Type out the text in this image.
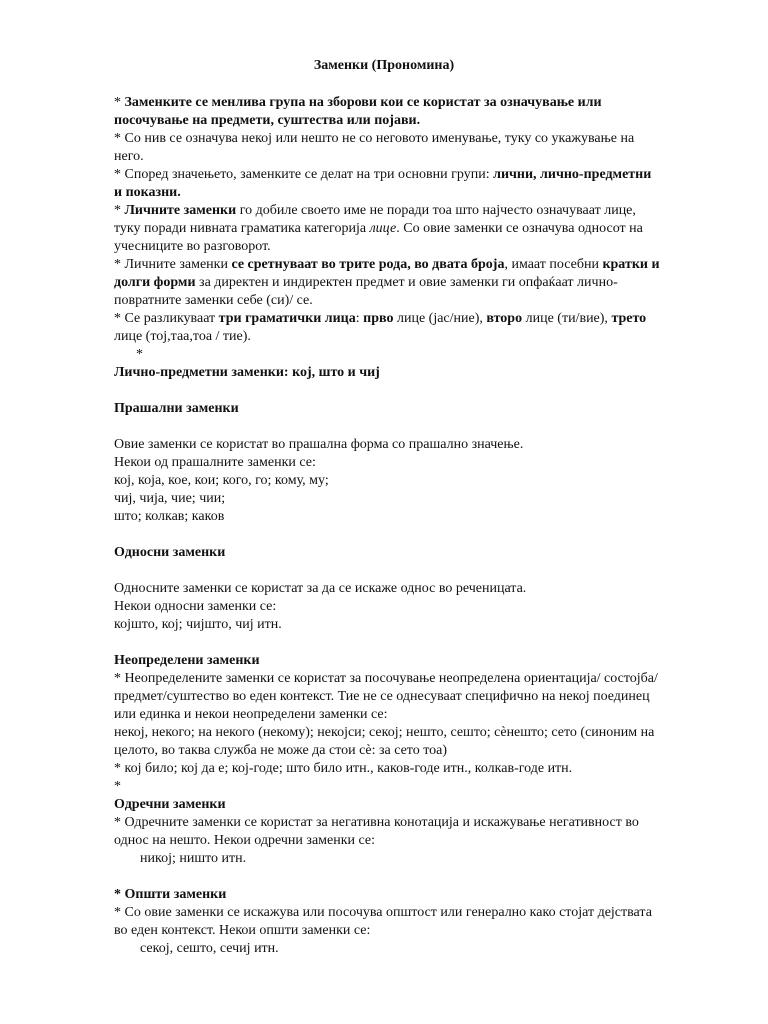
Заменки (Прономина)

* Заменките се менлива група на зборови кои се користат за означување или посочување на предмети, суштества или појави.

* Со нив се означува некој или нешто не со неговото именување, туку со укажување на него.

* Според значењето, заменките се делат на три основни групи: лични, лично-предметни и показни.

* Личните заменки го добиле своето име не поради тоа што најчесто означуваат лице, туку поради нивната граматика категорија лице. Со овие заменки се означува односот на учесниците во разговорот.

* Личните заменки се сретнуваат во трите рода, во двата броја, имаат посебни кратки и долги форми за директен и индиректен предмет и овие заменки ги опфаќаат лично-повратните заменки себе (си)/ се.

* Се разликуваат три граматички лица: прво лице (јас/ние), второ лице (ти/вие), трето лице (тој,таа,тоа / тие).

*

Лично-предметни заменки: кој, што и чиј

Прашални заменки

Овие заменки се користат во прашална форма со прашално значење.

Некои од прашалните заменки се:

кој, која, кое, кои; кого, го; кому, му;

чиј, чија, чие; чии;

што; колкав; каков

Односни заменки

Односните заменки се користат за да се искаже однос во реченицата.

Некои односни заменки се:

којшто, кој; чијшто, чиј итн.

Неопределени заменки

* Неопределените заменки се користат за посочување неопределена ориентација/ состојба/ предмет/суштество во еден контекст. Тие не се однесуваат специфично на некој поединец или единка и некои неопределени заменки се:

некој, некого; на некого (некому); некојси; секој; нешто, сешто; сѐнешто; сето (синоним на целото, во таква служба не може да стои сѐ: за сето тоа)

* кој било; кој да е; кој-годе; што било итн., каков-годе итн., колкав-годе итн.

*

Одречни заменки

* Одречните заменки се користат за негативна конотација и искажување негативност во однос на нешто. Некои одречни заменки се:

никој; ништо итн.

* Општи заменки

* Со овие заменки се искажува или посочува општост или генерално како стојат дејствата во еден контекст. Некои општи заменки се:

секој, сешто, сечиј итн.
